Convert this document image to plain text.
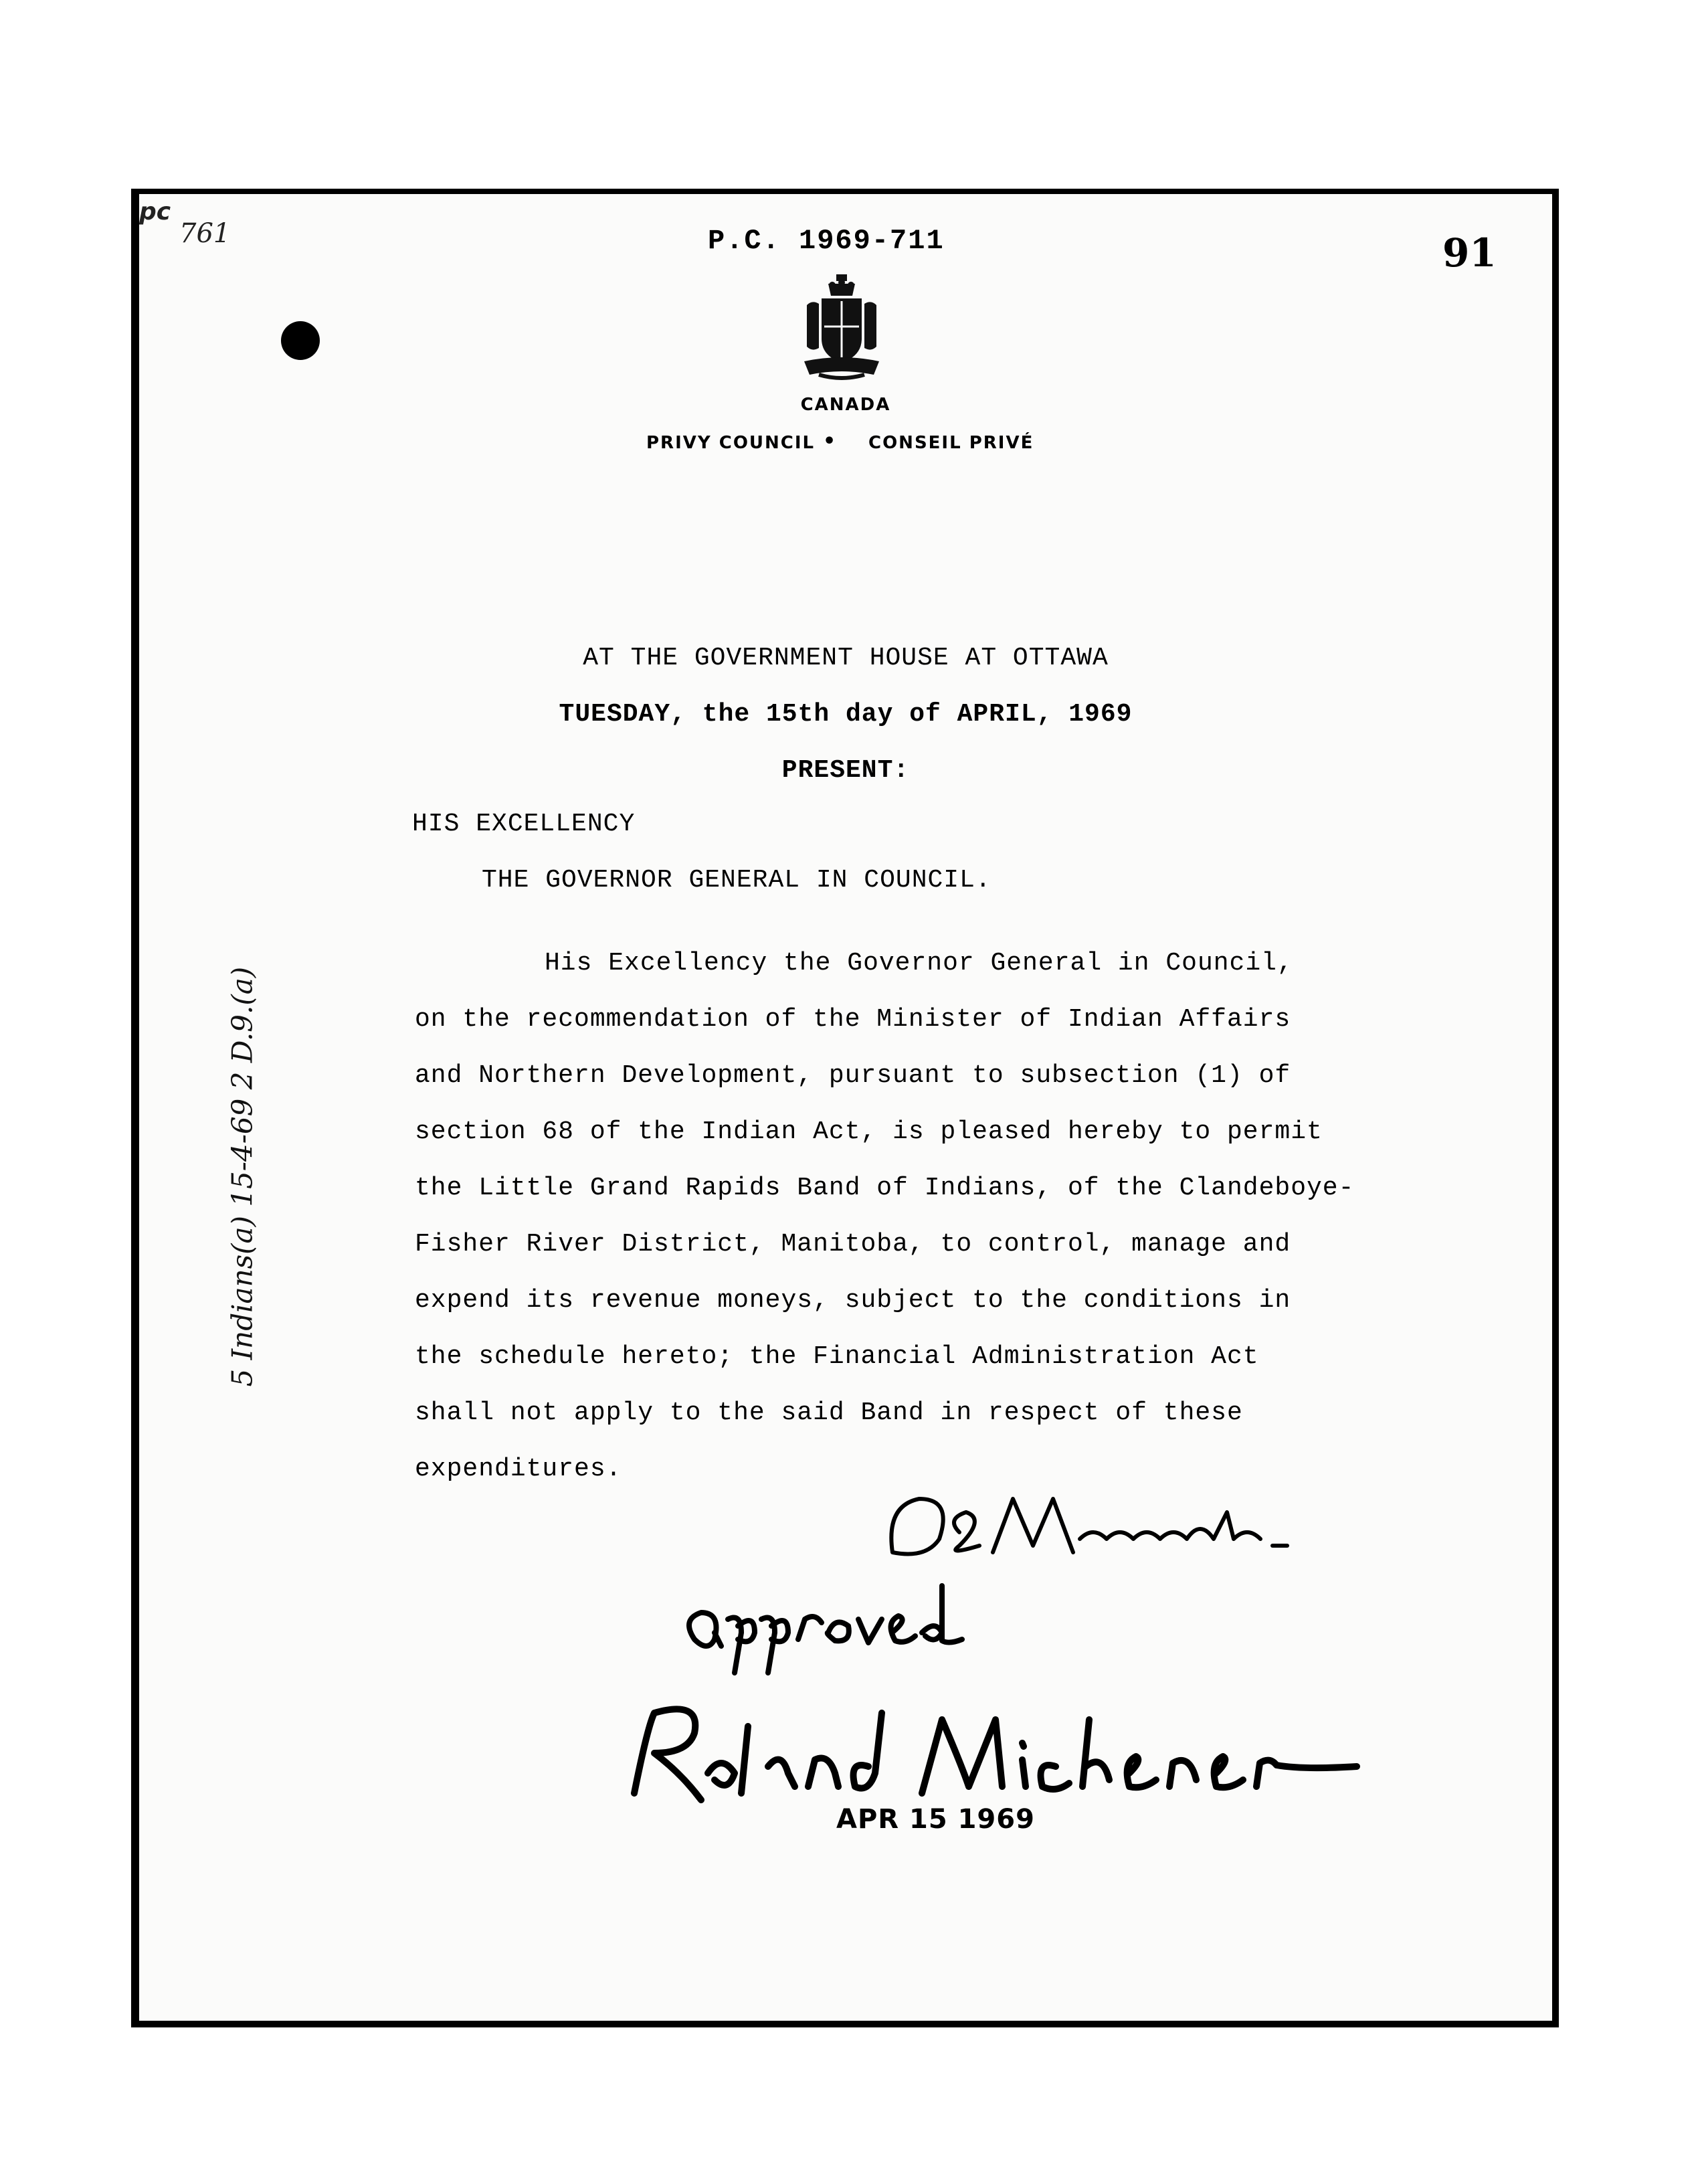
pc
761	P.C. 1969-711	91
CANADA
PRIVY COUNCIL • CONSEIL PRIVÉ
AT THE GOVERNMENT HOUSE AT OTTAWA
TUESDAY, the 15th day of APRIL, 1969
PRESENT:
HIS EXCELLENCY
THE GOVERNOR GENERAL IN COUNCIL.
His Excellency the Governor General in Council,
on the recommendation of the Minister of Indian Affairs
and Northern Development, pursuant to subsection (1) of
section 68 of the Indian Act, is pleased hereby to permit
the Little Grand Rapids Band of Indians, of the Clandeboye-
Fisher River District, Manitoba, to control, manage and
expend its revenue moneys, subject to the conditions in
the schedule hereto; the Financial Administration Act
shall not apply to the said Band in respect of these
expenditures.
5 Indians(a) 15-4-69 2 D.9.(a)
APR 15 1969
